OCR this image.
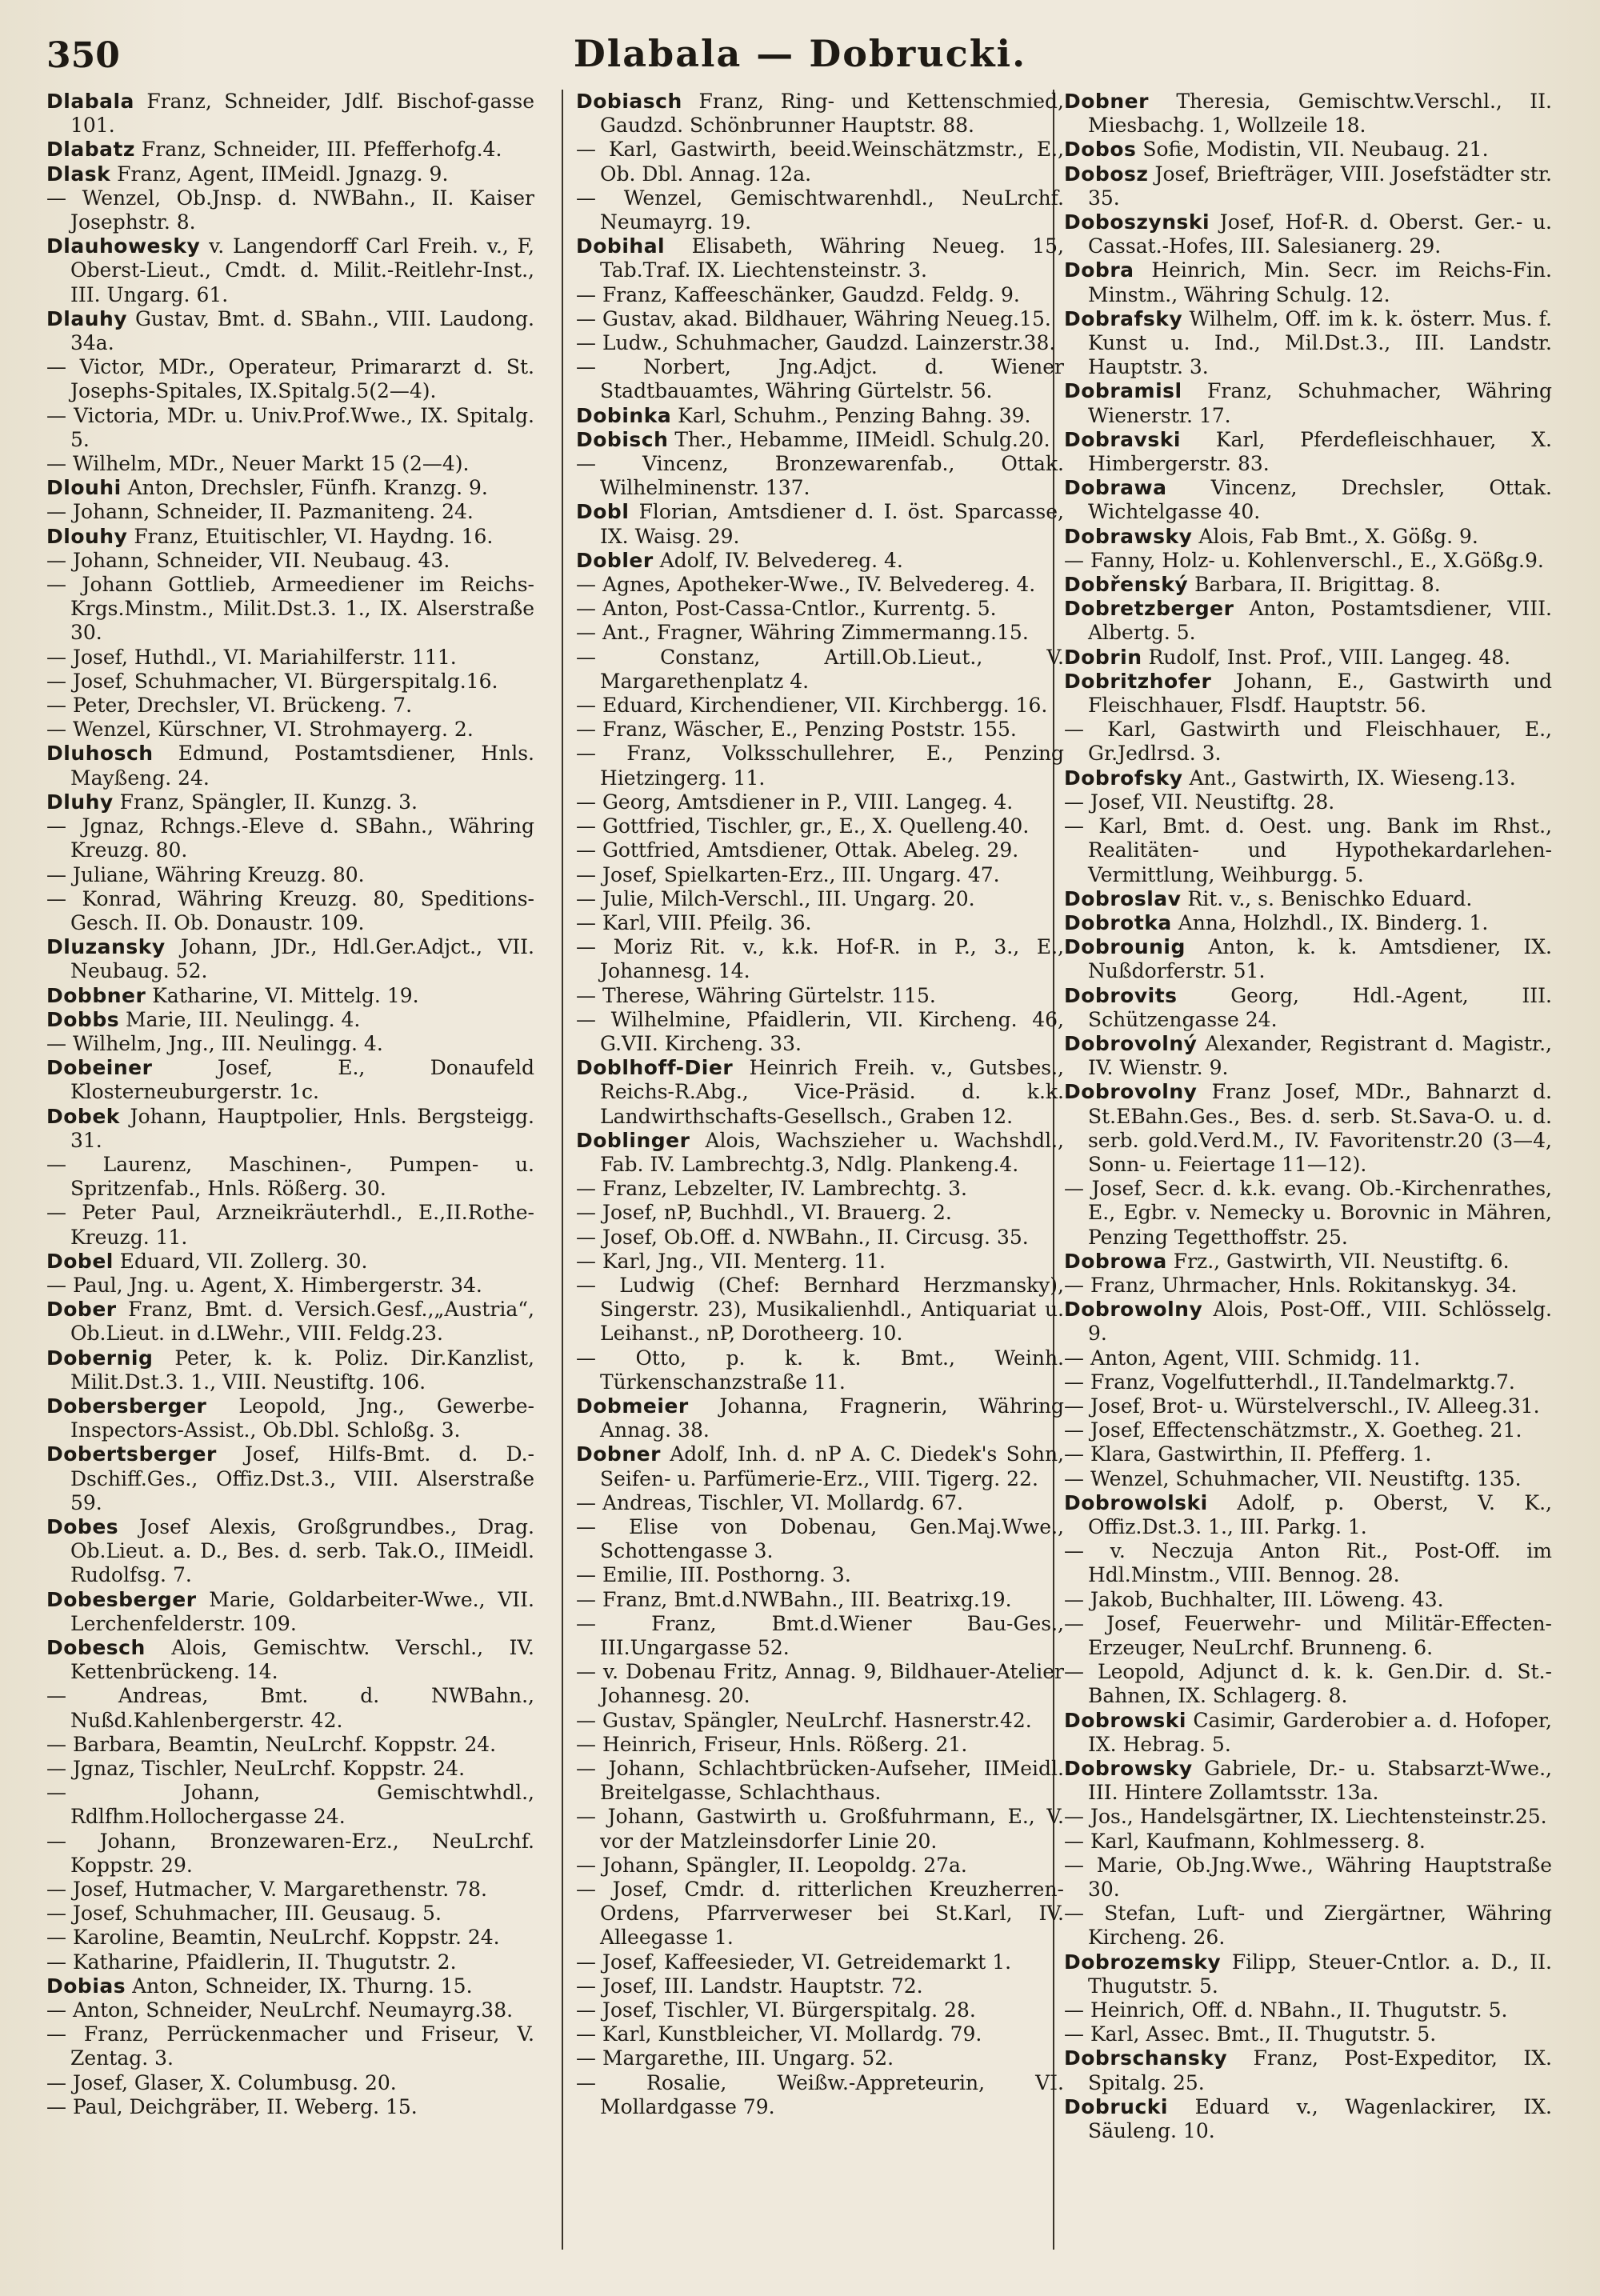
350	Dlabala — Dobrucki.
Dlabala Franz, Schneider, Jdlf. Bischof-gasse 101.
Dlabatz Franz, Schneider, III. Pfefferhofg.4.
Dlask Franz, Agent, IIMeidl. Jgnazg. 9.
— Wenzel, Ob.Jnsp. d. NWBahn., II. Kaiser Josephstr. 8.
Dlauhowesky v. Langendorff Carl Freih. v., F, Oberst-Lieut., Cmdt. d. Milit.-Reitlehr-Inst., III. Ungarg. 61.
Dlauhy Gustav, Bmt. d. SBahn., VIII. Laudong. 34a.
— Victor, MDr., Operateur, Primararzt d. St. Josephs-Spitales, IX.Spitalg.5(2—4).
— Victoria, MDr. u. Univ.Prof.Wwe., IX. Spitalg. 5.
— Wilhelm, MDr., Neuer Markt 15 (2—4).
Dlouhi Anton, Drechsler, Fünfh. Kranzg. 9.
— Johann, Schneider, II. Pazmaniteng. 24.
Dlouhy Franz, Etuitischler, VI. Haydng. 16.
— Johann, Schneider, VII. Neubaug. 43.
— Johann Gottlieb, Armeediener im Reichs-Krgs.Minstm., Milit.Dst.3. 1., IX. Alserstraße 30.
— Josef, Huthdl., VI. Mariahilferstr. 111.
— Josef, Schuhmacher, VI. Bürgerspitalg.16.
— Peter, Drechsler, VI. Brückeng. 7.
— Wenzel, Kürschner, VI. Strohmayerg. 2.
Dluhosch Edmund, Postamtsdiener, Hnls. Mayßeng. 24.
Dluhy Franz, Spängler, II. Kunzg. 3.
— Jgnaz, Rchngs.-Eleve d. SBahn., Währing Kreuzg. 80.
— Juliane, Währing Kreuzg. 80.
— Konrad, Währing Kreuzg. 80, Speditions-Gesch. II. Ob. Donaustr. 109.
Dluzansky Johann, JDr., Hdl.Ger.Adjct., VII. Neubaug. 52.
Dobbner Katharine, VI. Mittelg. 19.
Dobbs Marie, III. Neulingg. 4.
— Wilhelm, Jng., III. Neulingg. 4.
Dobeiner Josef, E., Donaufeld Klosterneuburgerstr. 1c.
Dobek Johann, Hauptpolier, Hnls. Bergsteigg. 31.
— Laurenz, Maschinen-, Pumpen- u. Spritzenfab., Hnls. Rößerg. 30.
— Peter Paul, Arzneikräuterhdl., E.,II.Rothe-Kreuzg. 11.
Dobel Eduard, VII. Zollerg. 30.
— Paul, Jng. u. Agent, X. Himbergerstr. 34.
Dober Franz, Bmt. d. Versich.Gesf.,„Austria“, Ob.Lieut. in d.LWehr., VIII. Feldg.23.
Dobernig Peter, k. k. Poliz. Dir.Kanzlist, Milit.Dst.3. 1., VIII. Neustiftg. 106.
Dobersberger Leopold, Jng., Gewerbe-Inspectors-Assist., Ob.Dbl. Schloßg. 3.
Dobertsberger Josef, Hilfs-Bmt. d. D.-Dschiff.Ges., Offiz.Dst.3., VIII. Alserstraße 59.
Dobes Josef Alexis, Großgrundbes., Drag. Ob.Lieut. a. D., Bes. d. serb. Tak.O., IIMeidl. Rudolfsg. 7.
Dobesberger Marie, Goldarbeiter-Wwe., VII. Lerchenfelderstr. 109.
Dobesch Alois, Gemischtw. Verschl., IV. Kettenbrückeng. 14.
— Andreas, Bmt. d. NWBahn., Nußd.Kahlenbergerstr. 42.
— Barbara, Beamtin, NeuLrchf. Koppstr. 24.
— Jgnaz, Tischler, NeuLrchf. Koppstr. 24.
— Johann, Gemischtwhdl., Rdlfhm.Hollochergasse 24.
— Johann, Bronzewaren-Erz., NeuLrchf. Koppstr. 29.
— Josef, Hutmacher, V. Margarethenstr. 78.
— Josef, Schuhmacher, III. Geusaug. 5.
— Karoline, Beamtin, NeuLrchf. Koppstr. 24.
— Katharine, Pfaidlerin, II. Thugutstr. 2.
Dobias Anton, Schneider, IX. Thurng. 15.
— Anton, Schneider, NeuLrchf. Neumayrg.38.
— Franz, Perrückenmacher und Friseur, V. Zentag. 3.
— Josef, Glaser, X. Columbusg. 20.
— Paul, Deichgräber, II. Weberg. 15.
Dobiasch Franz, Ring- und Kettenschmied, Gaudzd. Schönbrunner Hauptstr. 88.
— Karl, Gastwirth, beeid.Weinschätzmstr., E., Ob. Dbl. Annag. 12a.
— Wenzel, Gemischtwarenhdl., NeuLrchf. Neumayrg. 19.
Dobihal Elisabeth, Währing Neueg. 15, Tab.Traf. IX. Liechtensteinstr. 3.
— Franz, Kaffeeschänker, Gaudzd. Feldg. 9.
— Gustav, akad. Bildhauer, Währing Neueg.15.
— Ludw., Schuhmacher, Gaudzd. Lainzerstr.38.
— Norbert, Jng.Adjct. d. Wiener Stadtbauamtes, Währing Gürtelstr. 56.
Dobinka Karl, Schuhm., Penzing Bahng. 39.
Dobisch Ther., Hebamme, IIMeidl. Schulg.20.
— Vincenz, Bronzewarenfab., Ottak. Wilhelminenstr. 137.
Dobl Florian, Amtsdiener d. I. öst. Sparcasse, IX. Waisg. 29.
Dobler Adolf, IV. Belvedereg. 4.
— Agnes, Apotheker-Wwe., IV. Belvedereg. 4.
— Anton, Post-Cassa-Cntlor., Kurrentg. 5.
— Ant., Fragner, Währing Zimmermanng.15.
— Constanz, Artill.Ob.Lieut., V. Margarethenplatz 4.
— Eduard, Kirchendiener, VII. Kirchbergg. 16.
— Franz, Wäscher, E., Penzing Poststr. 155.
— Franz, Volksschullehrer, E., Penzing Hietzingerg. 11.
— Georg, Amtsdiener in P., VIII. Langeg. 4.
— Gottfried, Tischler, gr., E., X. Quelleng.40.
— Gottfried, Amtsdiener, Ottak. Abeleg. 29.
— Josef, Spielkarten-Erz., III. Ungarg. 47.
— Julie, Milch-Verschl., III. Ungarg. 20.
— Karl, VIII. Pfeilg. 36.
— Moriz Rit. v., k.k. Hof-R. in P., 3., E., Johannesg. 14.
— Therese, Währing Gürtelstr. 115.
— Wilhelmine, Pfaidlerin, VII. Kircheng. 46, G.VII. Kircheng. 33.
Doblhoff-Dier Heinrich Freih. v., Gutsbes., Reichs-R.Abg., Vice-Präsid. d. k.k. Landwirthschafts-Gesellsch., Graben 12.
Doblinger Alois, Wachszieher u. Wachshdl., Fab. IV. Lambrechtg.3, Ndlg. Plankeng.4.
— Franz, Lebzelter, IV. Lambrechtg. 3.
— Josef, nP, Buchhdl., VI. Brauerg. 2.
— Josef, Ob.Off. d. NWBahn., II. Circusg. 35.
— Karl, Jng., VII. Menterg. 11.
— Ludwig (Chef: Bernhard Herzmansky), Singerstr. 23), Musikalienhdl., Antiquariat u. Leihanst., nP, Dorotheerg. 10.
— Otto, p. k. k. Bmt., Weinh. Türkenschanzstraße 11.
Dobmeier Johanna, Fragnerin, Währing Annag. 38.
Dobner Adolf, Inh. d. nP A. C. Diedek's Sohn, Seifen- u. Parfümerie-Erz., VIII. Tigerg. 22.
— Andreas, Tischler, VI. Mollardg. 67.
— Elise von Dobenau, Gen.Maj.Wwe., Schottengasse 3.
— Emilie, III. Posthorng. 3.
— Franz, Bmt.d.NWBahn., III. Beatrixg.19.
— Franz, Bmt.d.Wiener Bau-Ges., III.Ungargasse 52.
— v. Dobenau Fritz, Annag. 9, Bildhauer-Atelier Johannesg. 20.
— Gustav, Spängler, NeuLrchf. Hasnerstr.42.
— Heinrich, Friseur, Hnls. Rößerg. 21.
— Johann, Schlachtbrücken-Aufseher, IIMeidl. Breitelgasse, Schlachthaus.
— Johann, Gastwirth u. Großfuhrmann, E., V. vor der Matzleinsdorfer Linie 20.
— Johann, Spängler, II. Leopoldg. 27a.
— Josef, Cmdr. d. ritterlichen Kreuzherren-Ordens, Pfarrverweser bei St.Karl, IV. Alleegasse 1.
— Josef, Kaffeesieder, VI. Getreidemarkt 1.
— Josef, III. Landstr. Hauptstr. 72.
— Josef, Tischler, VI. Bürgerspitalg. 28.
— Karl, Kunstbleicher, VI. Mollardg. 79.
— Margarethe, III. Ungarg. 52.
— Rosalie, Weißw.-Appreteurin, VI. Mollardgasse 79.
Dobner Theresia, Gemischtw.Verschl., II. Miesbachg. 1, Wollzeile 18.
Dobos Sofie, Modistin, VII. Neubaug. 21.
Dobosz Josef, Briefträger, VIII. Josefstädter str. 35.
Doboszynski Josef, Hof-R. d. Oberst. Ger.- u. Cassat.-Hofes, III. Salesianerg. 29.
Dobra Heinrich, Min. Secr. im Reichs-Fin. Minstm., Währing Schulg. 12.
Dobrafsky Wilhelm, Off. im k. k. österr. Mus. f. Kunst u. Ind., Mil.Dst.3., III. Landstr. Hauptstr. 3.
Dobramisl Franz, Schuhmacher, Währing Wienerstr. 17.
Dobravski Karl, Pferdefleischhauer, X. Himbergerstr. 83.
Dobrawa Vincenz, Drechsler, Ottak. Wichtelgasse 40.
Dobrawsky Alois, Fab Bmt., X. Gößg. 9.
— Fanny, Holz- u. Kohlenverschl., E., X.Gößg.9.
Dobřenský Barbara, II. Brigittag. 8.
Dobretzberger Anton, Postamtsdiener, VIII. Albertg. 5.
Dobrin Rudolf, Inst. Prof., VIII. Langeg. 48.
Dobritzhofer Johann, E., Gastwirth und Fleischhauer, Flsdf. Hauptstr. 56.
— Karl, Gastwirth und Fleischhauer, E., Gr.Jedlrsd. 3.
Dobrofsky Ant., Gastwirth, IX. Wieseng.13.
— Josef, VII. Neustiftg. 28.
— Karl, Bmt. d. Oest. ung. Bank im Rhst., Realitäten- und Hypothekardarlehen-Vermittlung, Weihburgg. 5.
Dobroslav Rit. v., s. Benischko Eduard.
Dobrotka Anna, Holzhdl., IX. Binderg. 1.
Dobrounig Anton, k. k. Amtsdiener, IX. Nußdorferstr. 51.
Dobrovits Georg, Hdl.-Agent, III. Schützengasse 24.
Dobrovolný Alexander, Registrant d. Magistr., IV. Wienstr. 9.
Dobrovolny Franz Josef, MDr., Bahnarzt d. St.EBahn.Ges., Bes. d. serb. St.Sava-O. u. d. serb. gold.Verd.M., IV. Favoritenstr.20 (3—4, Sonn- u. Feiertage 11—12).
— Josef, Secr. d. k.k. evang. Ob.-Kirchenrathes, E., Egbr. v. Nemecky u. Borovnic in Mähren, Penzing Tegetthoffstr. 25.
Dobrowa Frz., Gastwirth, VII. Neustiftg. 6.
— Franz, Uhrmacher, Hnls. Rokitanskyg. 34.
Dobrowolny Alois, Post-Off., VIII. Schlösselg. 9.
— Anton, Agent, VIII. Schmidg. 11.
— Franz, Vogelfutterhdl., II.Tandelmarktg.7.
— Josef, Brot- u. Würstelverschl., IV. Alleeg.31.
— Josef, Effectenschätzmstr., X. Goetheg. 21.
— Klara, Gastwirthin, II. Pfefferg. 1.
— Wenzel, Schuhmacher, VII. Neustiftg. 135.
Dobrowolski Adolf, p. Oberst, V. K., Offiz.Dst.3. 1., III. Parkg. 1.
— v. Neczuja Anton Rit., Post-Off. im Hdl.Minstm., VIII. Bennog. 28.
— Jakob, Buchhalter, III. Löweng. 43.
— Josef, Feuerwehr- und Militär-Effecten-Erzeuger, NeuLrchf. Brunneng. 6.
— Leopold, Adjunct d. k. k. Gen.Dir. d. St.-Bahnen, IX. Schlagerg. 8.
Dobrowski Casimir, Garderobier a. d. Hofoper, IX. Hebrag. 5.
Dobrowsky Gabriele, Dr.- u. Stabsarzt-Wwe., III. Hintere Zollamtsstr. 13a.
— Jos., Handelsgärtner, IX. Liechtensteinstr.25.
— Karl, Kaufmann, Kohlmesserg. 8.
— Marie, Ob.Jng.Wwe., Währing Hauptstraße 30.
— Stefan, Luft- und Ziergärtner, Währing Kircheng. 26.
Dobrozemsky Filipp, Steuer-Cntlor. a. D., II. Thugutstr. 5.
— Heinrich, Off. d. NBahn., II. Thugutstr. 5.
— Karl, Assec. Bmt., II. Thugutstr. 5.
Dobrschansky Franz, Post-Expeditor, IX. Spitalg. 25.
Dobrucki Eduard v., Wagenlackirer, IX. Säuleng. 10.
